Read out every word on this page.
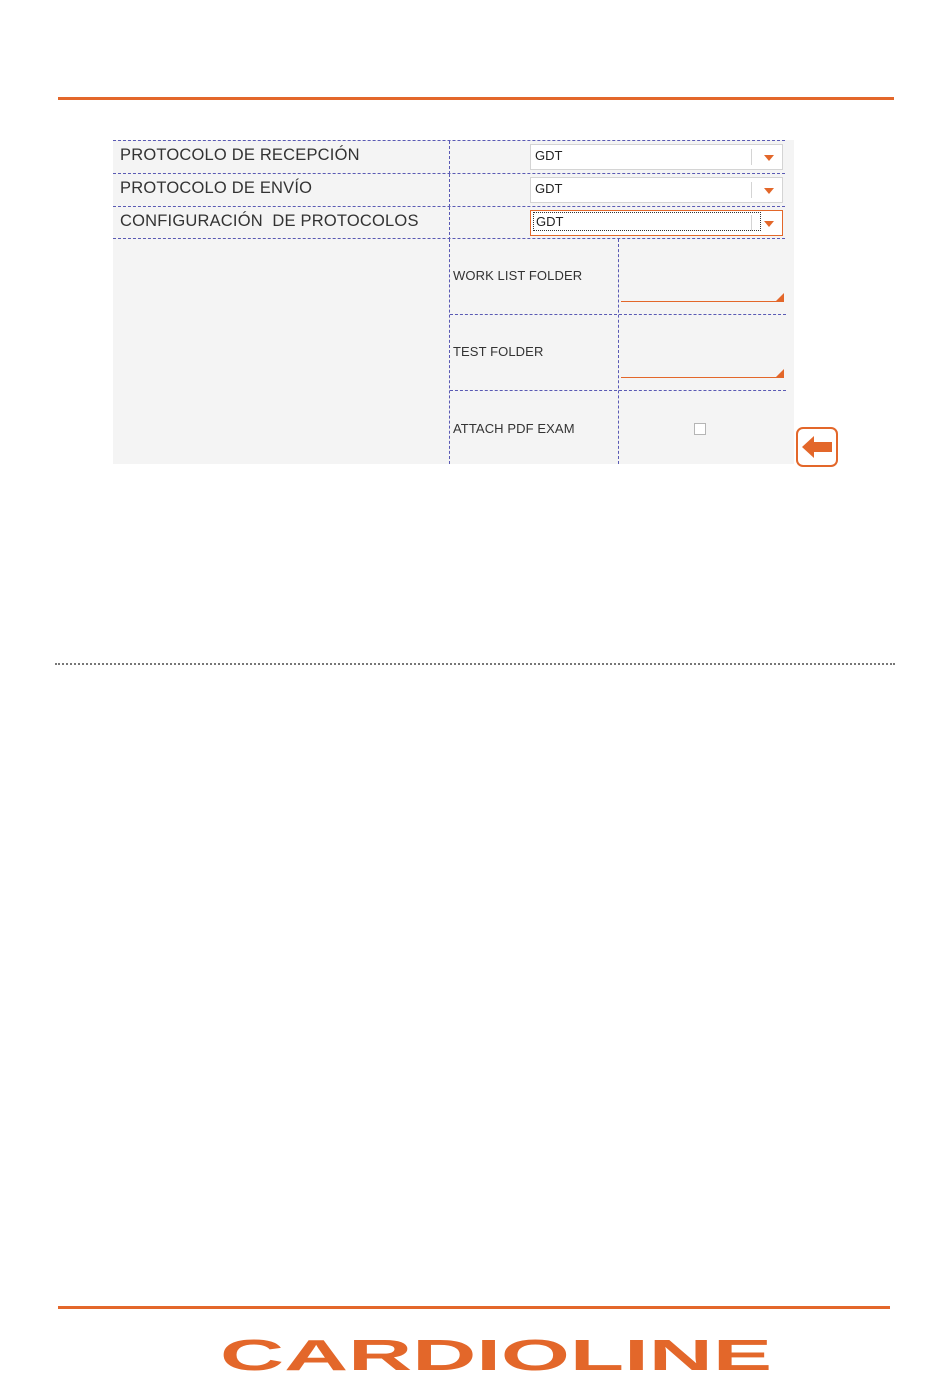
PROTOCOLO DE RECEPCIÓN	GDT
PROTOCOLO DE ENVÍO	GDT
CONFIGURACIÓN  DE PROTOCOLOS	GDT
WORK LIST FOLDER
TEST FOLDER
ATTACH PDF EXAM
CARDIOLINE
